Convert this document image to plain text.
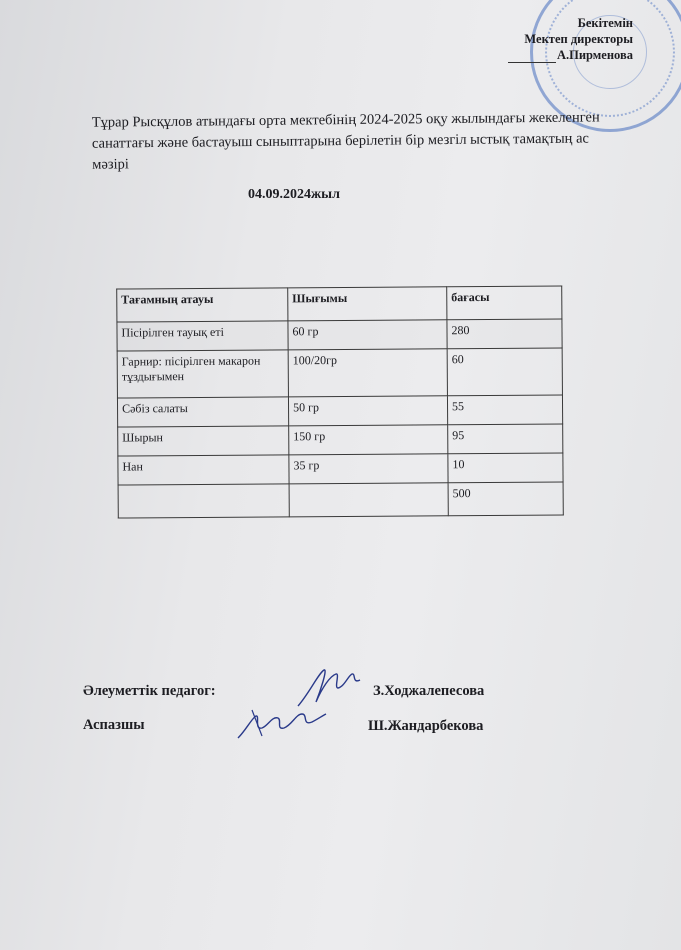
Бекітемін
Мектеп директоры
А.Пирменова
Тұрар Рысқұлов атындағы орта мектебінің 2024-2025 оқу жылындағы жекеленген санаттағы және бастауыш сыныптарына берілетін бір мезгіл ыстық тамақтың ас мәзірі
04.09.2024жыл
Тағамның атауы	Шығымы	бағасы
Пісірілген тауық еті	60 гр	280
Гарнир: пісірілген макарон тұздығымен	100/20гр	60
Сәбіз салаты	50 гр	55
Шырын	150 гр	95
Нан	35 гр	10
		500
Әлеуметтік педагог:	З.Ходжалепесова
Аспазшы	Ш.Жандарбекова
